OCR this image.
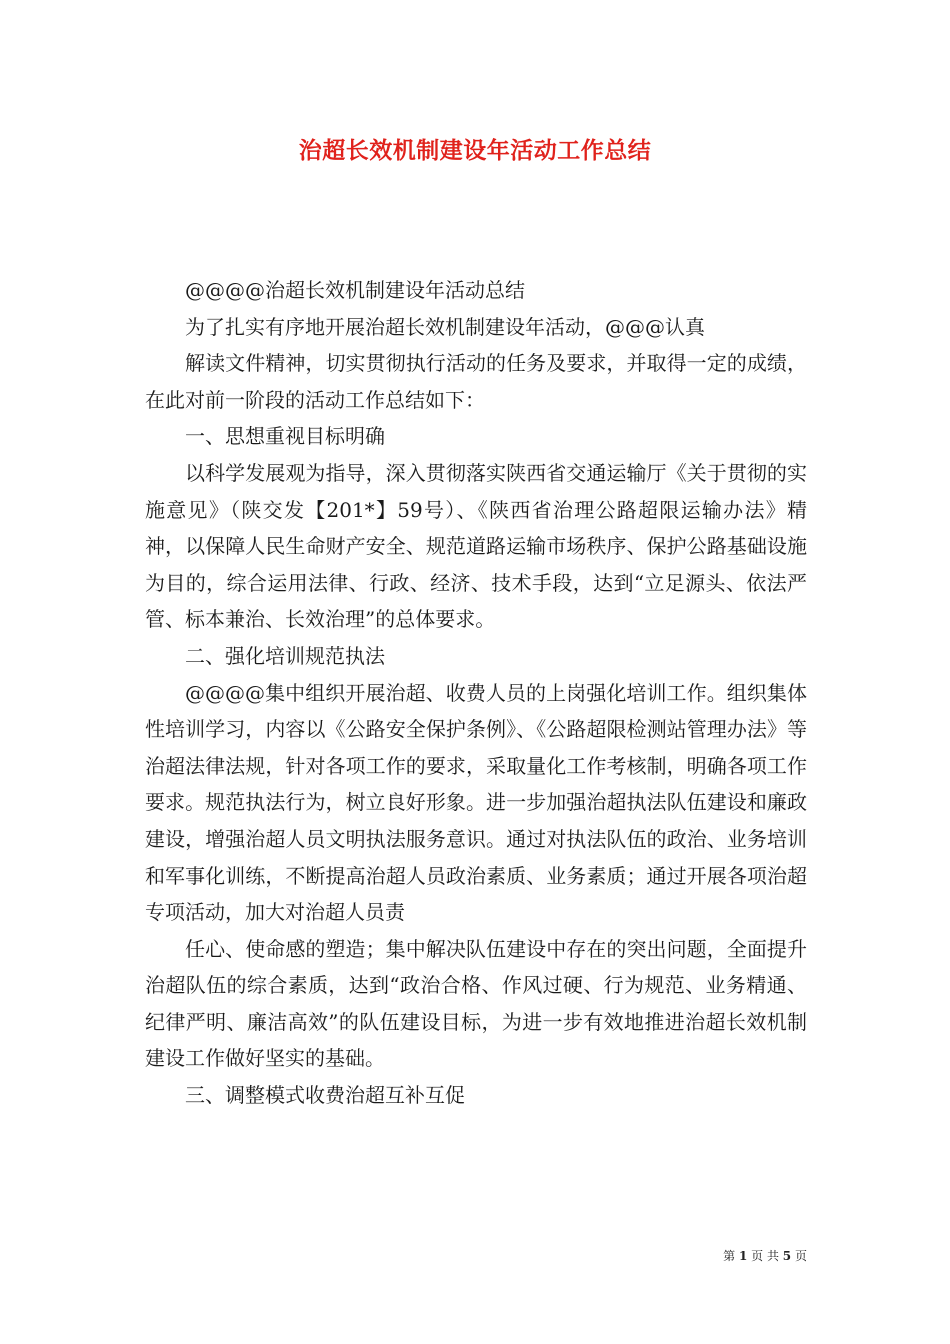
治超长效机制建设年活动工作总结

@@@@治超长效机制建设年活动总结

为了扎实有序地开展治超长效机制建设年活动，@@@认真

解读文件精神，切实贯彻执行活动的任务及要求，并取得一定的成绩，在此对前一阶段的活动工作总结如下：

一、思想重视目标明确

以科学发展观为指导，深入贯彻落实陕西省交通运输厅《关于贯彻的实施意见》（陕交发【201*】59号）、《陕西省治理公路超限运输办法》精神，以保障人民生命财产安全、规范道路运输市场秩序、保护公路基础设施为目的，综合运用法律、行政、经济、技术手段，达到“立足源头、依法严管、标本兼治、长效治理”的总体要求。

二、强化培训规范执法

@@@@集中组织开展治超、收费人员的上岗强化培训工作。组织集体性培训学习，内容以《公路安全保护条例》、《公路超限检测站管理办法》等治超法律法规，针对各项工作的要求，采取量化工作考核制，明确各项工作要求。规范执法行为，树立良好形象。进一步加强治超执法队伍建设和廉政建设，增强治超人员文明执法服务意识。通过对执法队伍的政治、业务培训和军事化训练，不断提高治超人员政治素质、业务素质；通过开展各项治超专项活动，加大对治超人员责

任心、使命感的塑造；集中解决队伍建设中存在的突出问题，全面提升治超队伍的综合素质，达到“政治合格、作风过硬、行为规范、业务精通、纪律严明、廉洁高效”的队伍建设目标，为进一步有效地推进治超长效机制建设工作做好坚实的基础。

三、调整模式收费治超互补互促

第 1 页 共 5 页
